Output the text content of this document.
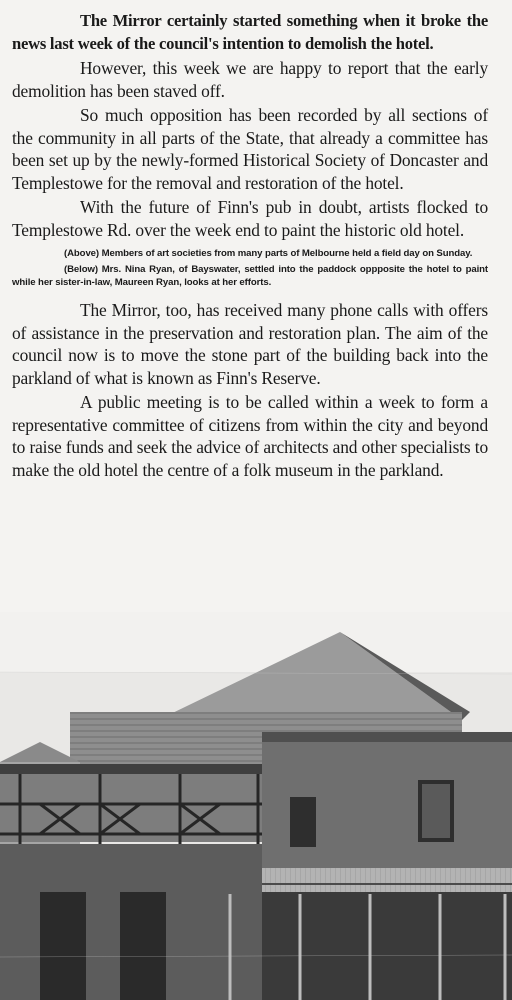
The Mirror certainly started something when it broke the news last week of the council's intention to demolish the hotel.

However, this week we are happy to report that the early demolition has been staved off.

So much opposition has been recorded by all sections of the community in all parts of the State, that already a committee has been set up by the newly-formed Historical Society of Doncaster and Templestowe for the removal and restoration of the hotel.

With the future of Finn's pub in doubt, artists flocked to Templestowe Rd. over the week end to paint the historic old hotel.

(Above) Members of art societies from many parts of Melbourne held a field day on Sunday.

(Below) Mrs. Nina Ryan, of Bayswater, settled into the paddock oppposite the hotel to paint while her sister-in-law, Maureen Ryan, looks at her efforts.

The Mirror, too, has received many phone calls with offers of assistance in the preservation and restoration plan. The aim of the council now is to move the stone part of the building back into the parkland of what is known as Finn's Reserve.

A public meeting is to be called within a week to form a representative committee of citizens from within the city and beyond to raise funds and seek the advice of architects and other specialists to make the old hotel the centre of a folk museum in the parkland.
